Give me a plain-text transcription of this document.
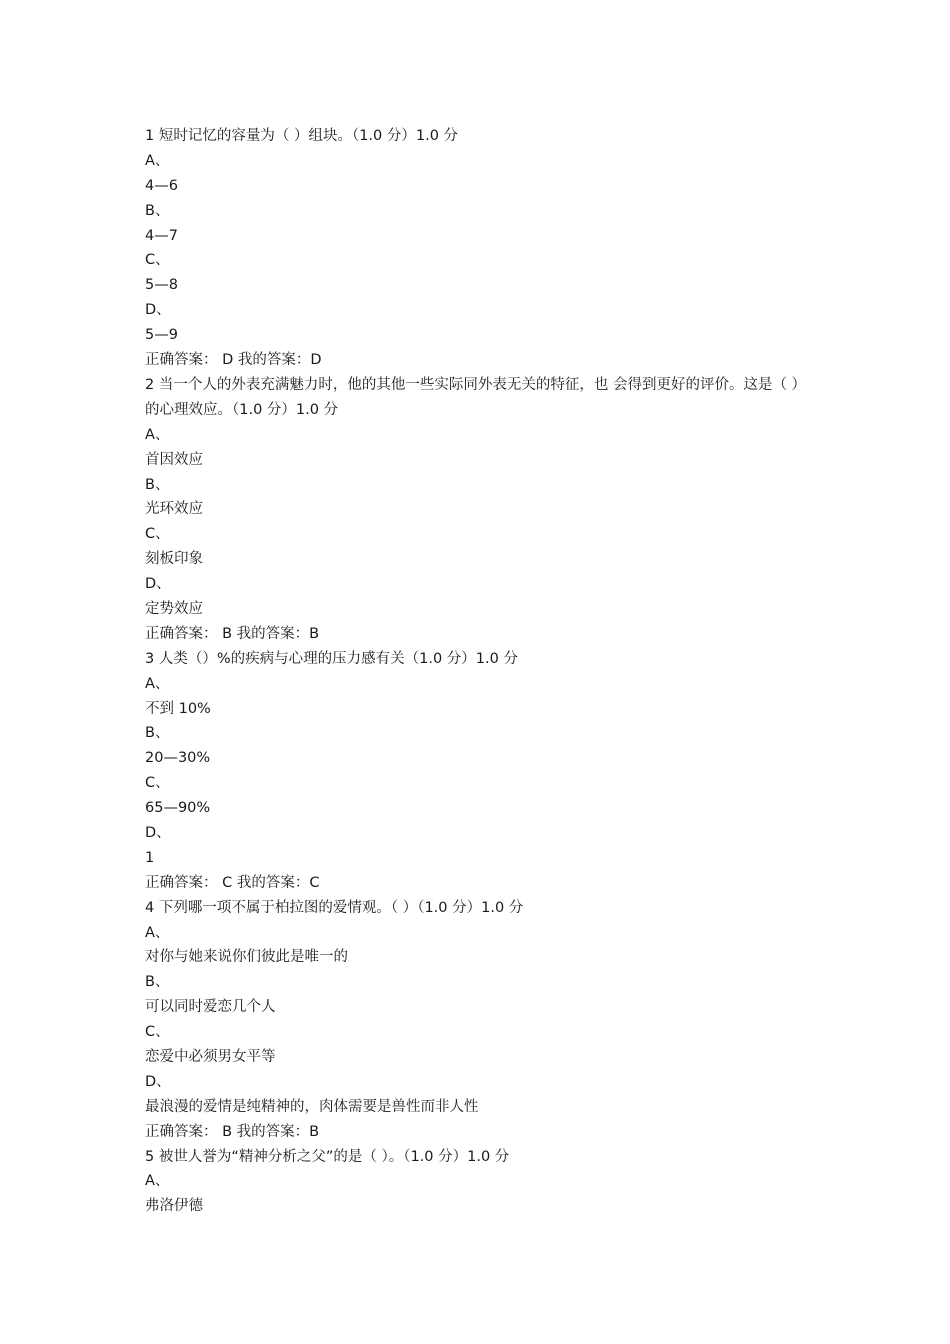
1 短时记忆的容量为（ ）组块。（1.0 分）1.0 分
A、
4—6
B、
4—7
C、
5—8
D、
5—9
正确答案： D 我的答案：D
2 当一个人的外表充满魅力时，他的其他一些实际同外表无关的特征，也 会得到更好的评价。这是（ ）的心理效应。（1.0 分）1.0 分
A、
首因效应
B、
光环效应
C、
刻板印象
D、
定势效应
正确答案： B 我的答案：B
3 人类（）%的疾病与心理的压力感有关（1.0 分）1.0 分
A、
不到 10%
B、
20—30%
C、
65—90%
D、
1
正确答案： C 我的答案：C
4 下列哪一项不属于柏拉图的爱情观。（ ）（1.0 分）1.0 分
A、
对你与她来说你们彼此是唯一的
B、
可以同时爱恋几个人
C、
恋爱中必须男女平等
D、
最浪漫的爱情是纯精神的，肉体需要是兽性而非人性
正确答案： B 我的答案：B
5 被世人誉为“精神分析之父”的是（ ）。（1.0 分）1.0 分
A、
弗洛伊德
